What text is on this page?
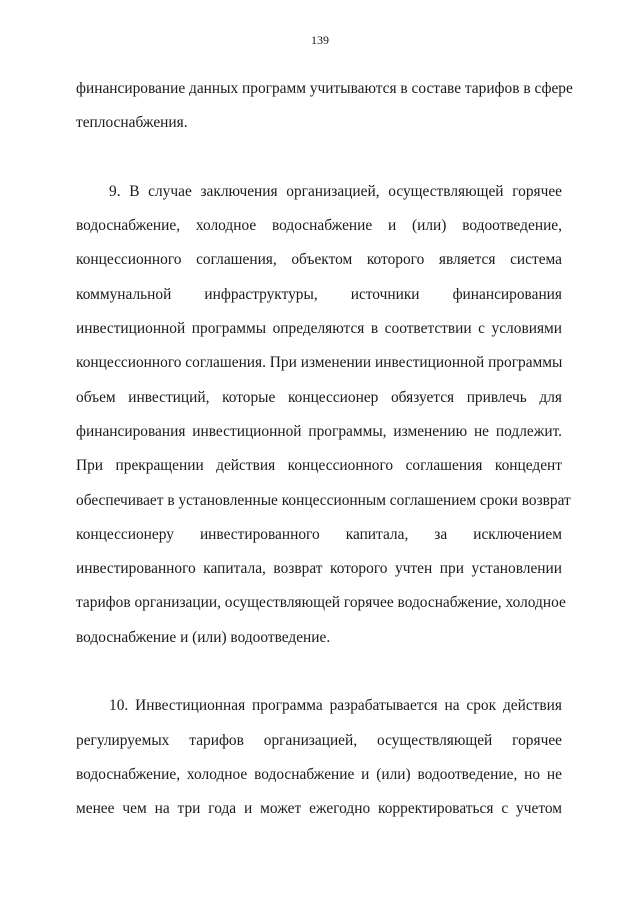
139
финансирование данных программ учитываются в составе тарифов в сфере
теплоснабжения.
9. В случае заключения организацией, осуществляющей горячее
водоснабжение, холодное водоснабжение и (или) водоотведение,
концессионного соглашения, объектом которого является система
коммунальной инфраструктуры, источники финансирования
инвестиционной программы определяются в соответствии с условиями
концессионного соглашения. При изменении инвестиционной программы
объем инвестиций, которые концессионер обязуется привлечь для
финансирования инвестиционной программы, изменению не подлежит.
При прекращении действия концессионного соглашения концедент
обеспечивает в установленные концессионным соглашением сроки возврат
концессионеру инвестированного капитала, за исключением
инвестированного капитала, возврат которого учтен при установлении
тарифов организации, осуществляющей горячее водоснабжение, холодное
водоснабжение и (или) водоотведение.
10. Инвестиционная программа разрабатывается на срок действия
регулируемых тарифов организацией, осуществляющей горячее
водоснабжение, холодное водоснабжение и (или) водоотведение, но не
менее чем на три года и может ежегодно корректироваться с учетом
